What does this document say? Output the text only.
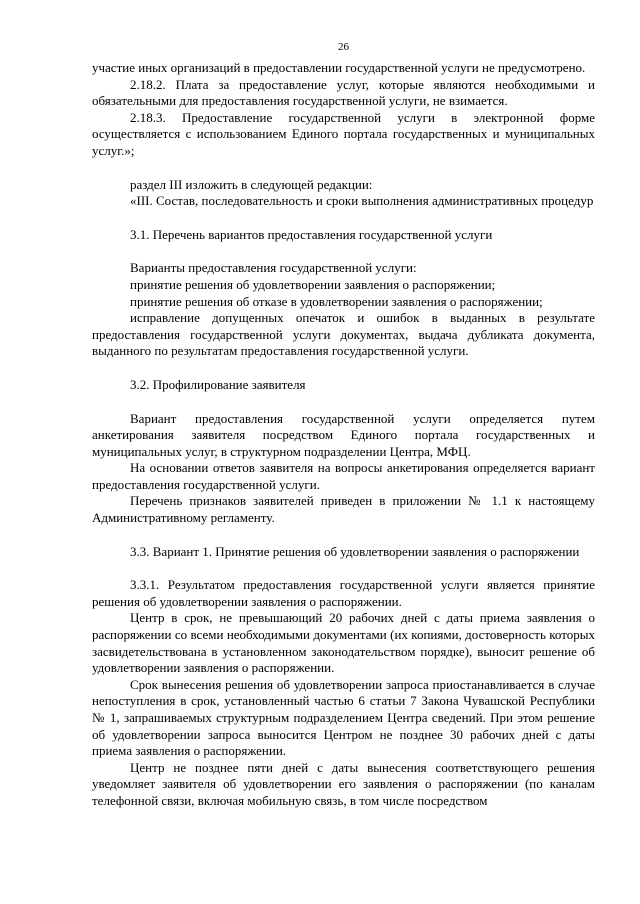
26
участие иных организаций в предоставлении государственной услуги не предусмотрено.
2.18.2. Плата за предоставление услуг, которые являются необходимыми и обязательными для предоставления государственной услуги, не взимается.
2.18.3. Предоставление государственной услуги в электронной форме осуществляется с использованием Единого портала государственных и муниципальных услуг.»;
раздел III изложить в следующей редакции:
«III. Состав, последовательность и сроки выполнения административных процедур
3.1. Перечень вариантов предоставления государственной услуги
Варианты предоставления государственной услуги:
принятие решения об удовлетворении заявления о распоряжении;
принятие решения об отказе в удовлетворении заявления о распоряжении;
исправление допущенных опечаток и ошибок в выданных в результате предоставления государственной услуги документах, выдача дубликата документа, выданного по результатам предоставления государственной услуги.
3.2. Профилирование заявителя
Вариант предоставления государственной услуги определяется путем анкетирования заявителя посредством Единого портала государственных и муниципальных услуг, в структурном подразделении Центра, МФЦ.
На основании ответов заявителя на вопросы анкетирования определяется вариант предоставления государственной услуги.
Перечень признаков заявителей приведен в приложении № 1.1 к настоящему Административному регламенту.
3.3. Вариант 1. Принятие решения об удовлетворении заявления о распоряжении
3.3.1. Результатом предоставления государственной услуги является принятие решения об удовлетворении заявления о распоряжении.
Центр в срок, не превышающий 20 рабочих дней с даты приема заявления о распоряжении со всеми необходимыми документами (их копиями, достоверность которых засвидетельствована в установленном законодательством порядке), выносит решение об удовлетворении заявления о распоряжении.
Срок вынесения решения об удовлетворении запроса приостанавливается в случае непоступления в срок, установленный частью 6 статьи 7 Закона Чувашской Республики № 1, запрашиваемых структурным подразделением Центра сведений. При этом решение об удовлетворении запроса выносится Центром не позднее 30 рабочих дней с даты приема заявления о распоряжении.
Центр не позднее пяти дней с даты вынесения соответствующего решения уведомляет заявителя об удовлетворении его заявления о распоряжении (по каналам телефонной связи, включая мобильную связь, в том числе посредством
